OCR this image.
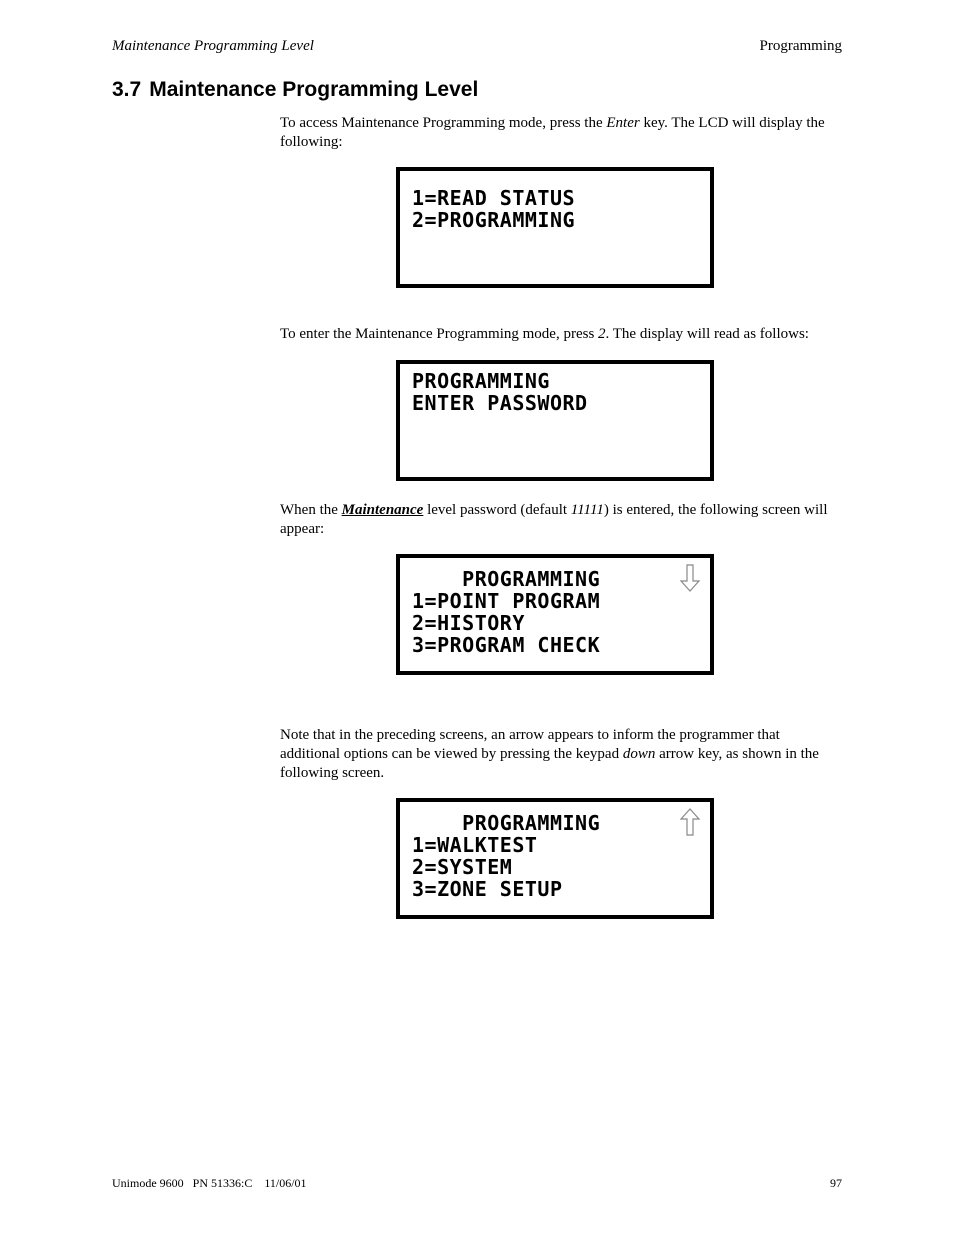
Maintenance Programming Level	Programming
3.7 Maintenance Programming Level

To access Maintenance Programming mode, press the Enter key. The LCD will display the following:

1=READ STATUS
2=PROGRAMMING

To enter the Maintenance Programming mode, press 2. The display will read as follows:

PROGRAMMING
ENTER PASSWORD

When the Maintenance level password (default 11111) is entered, the following screen will appear:

PROGRAMMING
1=POINT PROGRAM
2=HISTORY
3=PROGRAM CHECK

Note that in the preceding screens, an arrow appears to inform the programmer that additional options can be viewed by pressing the keypad down arrow key, as shown in the following screen.

PROGRAMMING
1=WALKTEST
2=SYSTEM
3=ZONE SETUP
Unimode 9600   PN 51336:C    11/06/01	97
